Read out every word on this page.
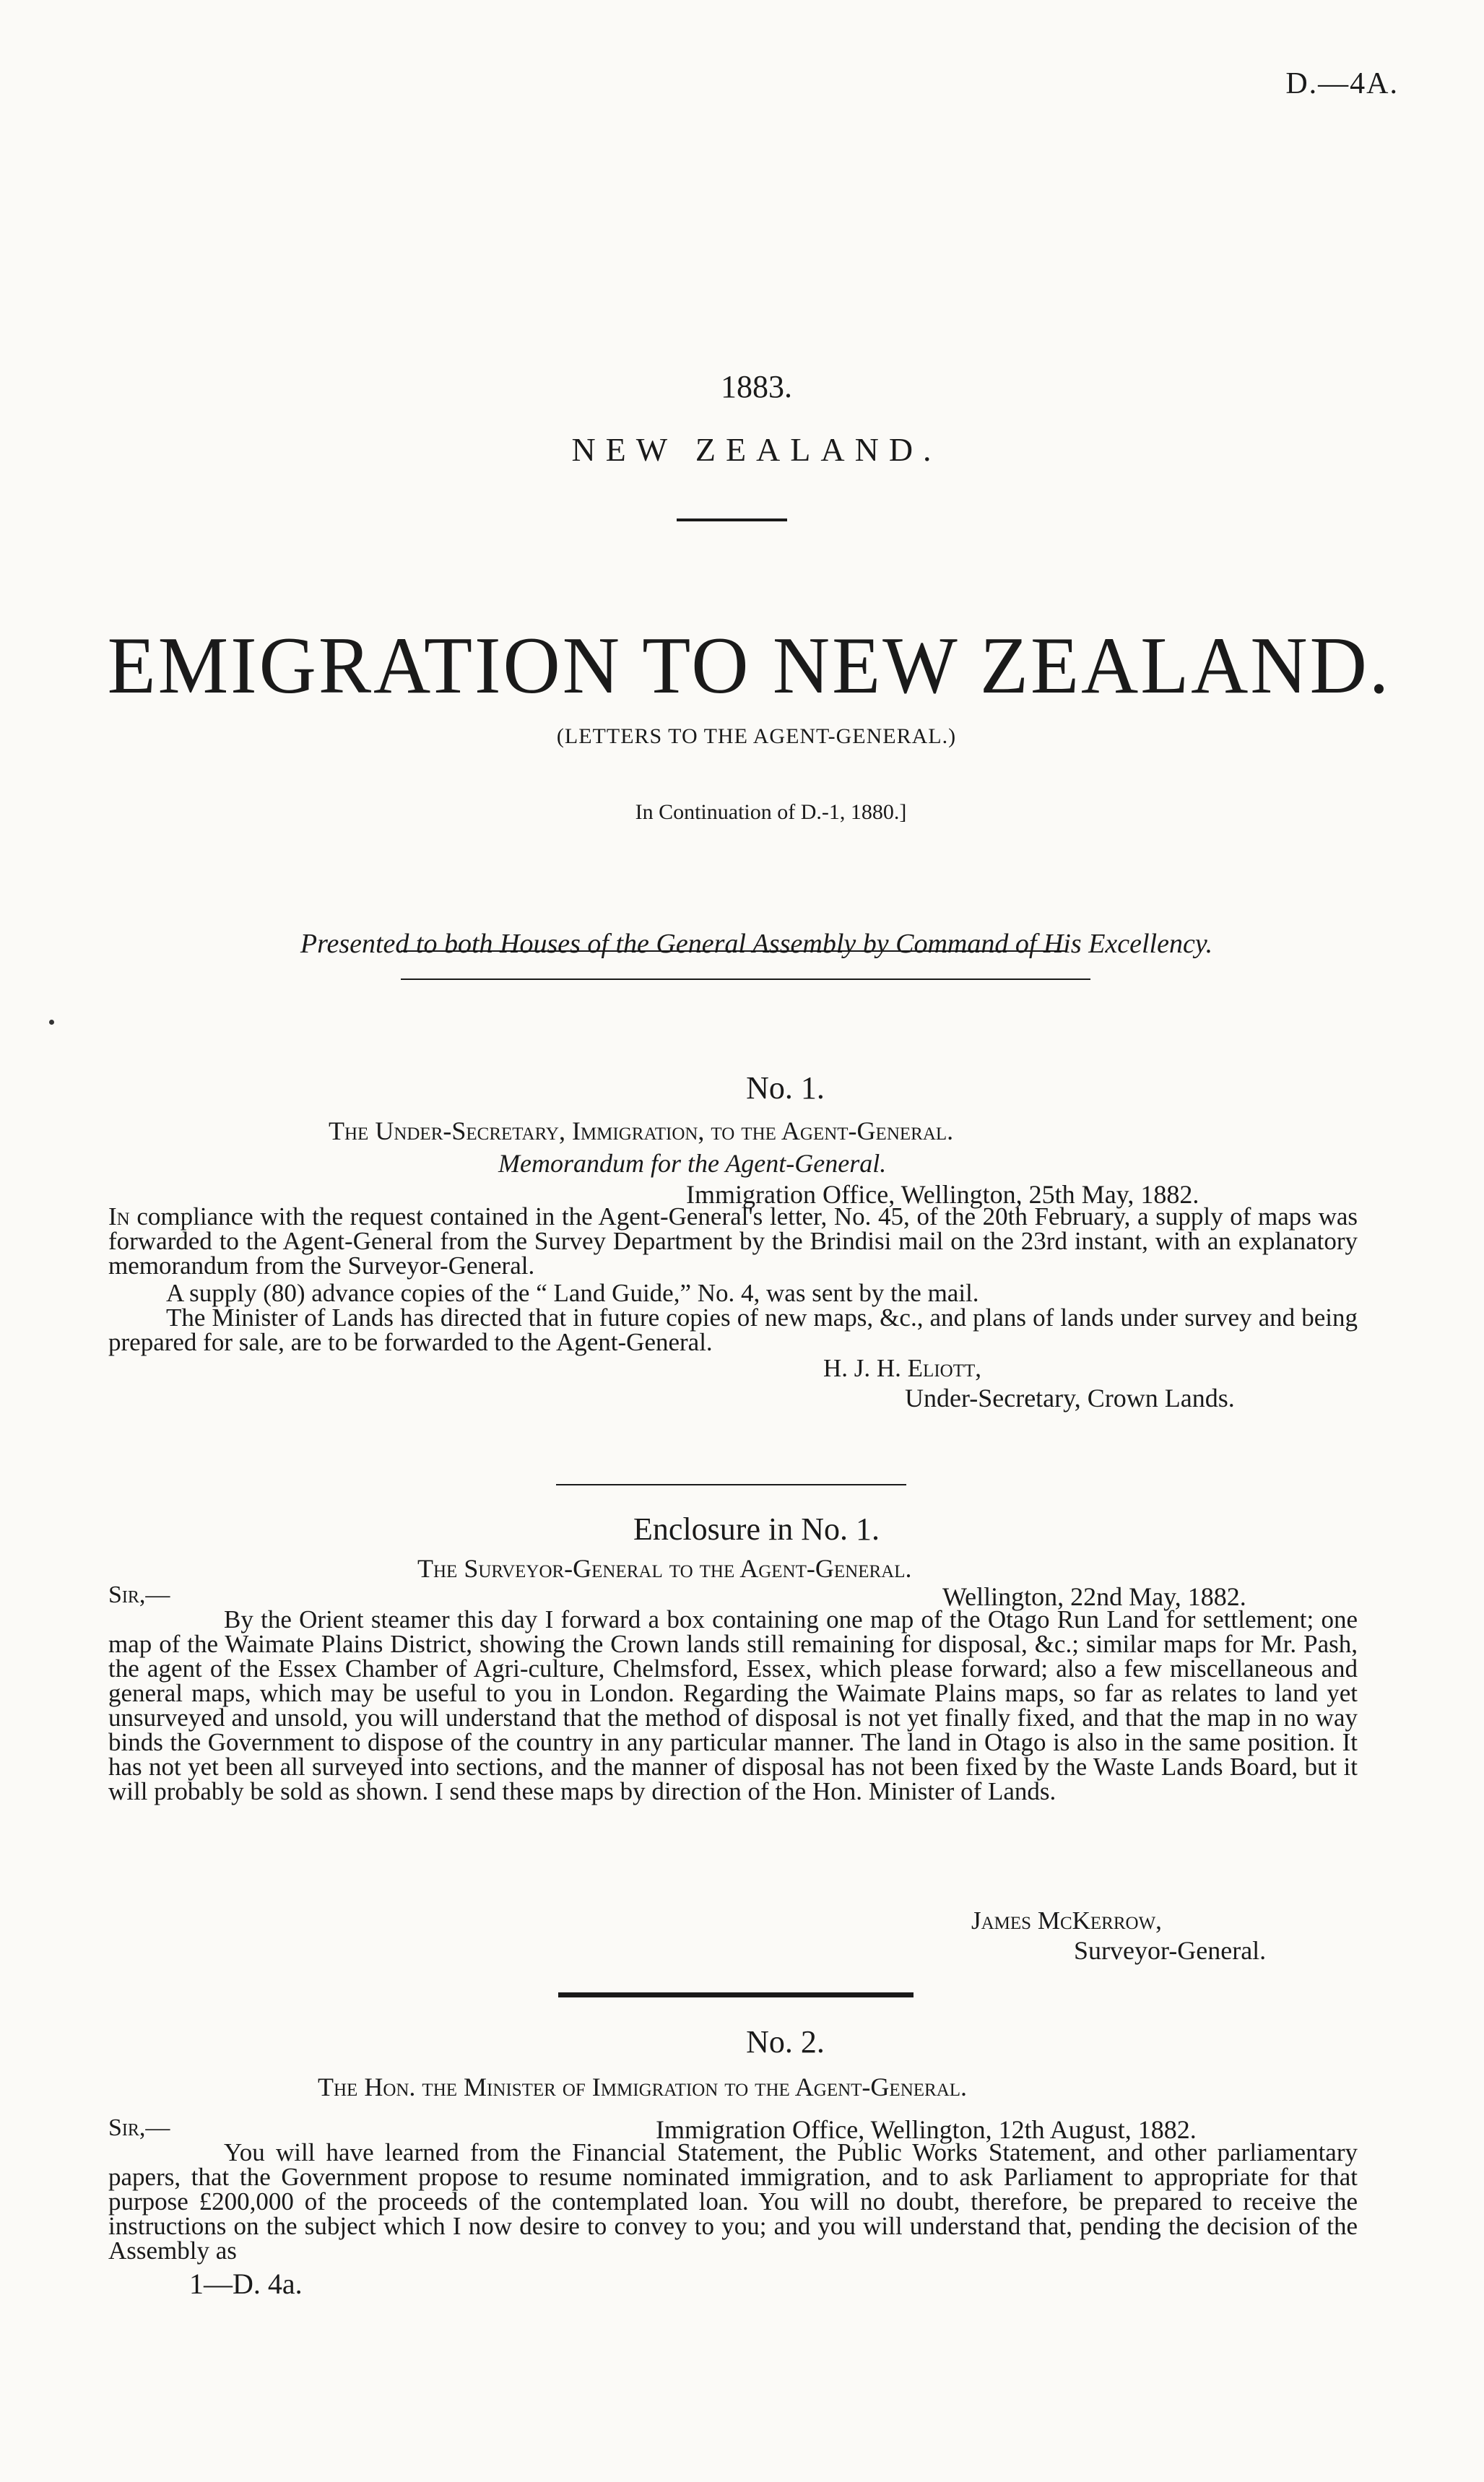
D.—4A.
1883.
NEW ZEALAND.
EMIGRATION TO NEW ZEALAND.
(LETTERS TO THE AGENT-GENERAL.)
In Continuation of D.-1, 1880.]
Presented to both Houses of the General Assembly by Command of His Excellency.
No. 1.
The Under-Secretary, Immigration, to the Agent-General.
Memorandum for the Agent-General.
Immigration Office, Wellington, 25th May, 1882.
In compliance with the request contained in the Agent-General's letter, No. 45, of the 20th February, a supply of maps was forwarded to the Agent-General from the Survey Department by the Brindisi mail on the 23rd instant, with an explanatory memorandum from the Surveyor-General.
A supply (80) advance copies of the “ Land Guide,” No. 4, was sent by the mail.
The Minister of Lands has directed that in future copies of new maps, &c., and plans of lands under survey and being prepared for sale, are to be forwarded to the Agent-General.
H. J. H. Eliott,
Under-Secretary, Crown Lands.
Enclosure in No. 1.
The Surveyor-General to the Agent-General.
Sir,—	Wellington, 22nd May, 1882.
By the Orient steamer this day I forward a box containing one map of the Otago Run Land for settlement; one map of the Waimate Plains District, showing the Crown lands still remaining for disposal, &c.; similar maps for Mr. Pash, the agent of the Essex Chamber of Agri-culture, Chelmsford, Essex, which please forward; also a few miscellaneous and general maps, which may be useful to you in London. Regarding the Waimate Plains maps, so far as relates to land yet unsurveyed and unsold, you will understand that the method of disposal is not yet finally fixed, and that the map in no way binds the Government to dispose of the country in any particular manner. The land in Otago is also in the same position. It has not yet been all surveyed into sections, and the manner of disposal has not been fixed by the Waste Lands Board, but it will probably be sold as shown. I send these maps by direction of the Hon. Minister of Lands.
James McKerrow,
Surveyor-General.
No. 2.
The Hon. the Minister of Immigration to the Agent-General.
Sir,—	Immigration Office, Wellington, 12th August, 1882.
You will have learned from the Financial Statement, the Public Works Statement, and other parliamentary papers, that the Government propose to resume nominated immigration, and to ask Parliament to appropriate for that purpose £200,000 of the proceeds of the contemplated loan. You will no doubt, therefore, be prepared to receive the instructions on the subject which I now desire to convey to you; and you will understand that, pending the decision of the Assembly as
1—D. 4a.
